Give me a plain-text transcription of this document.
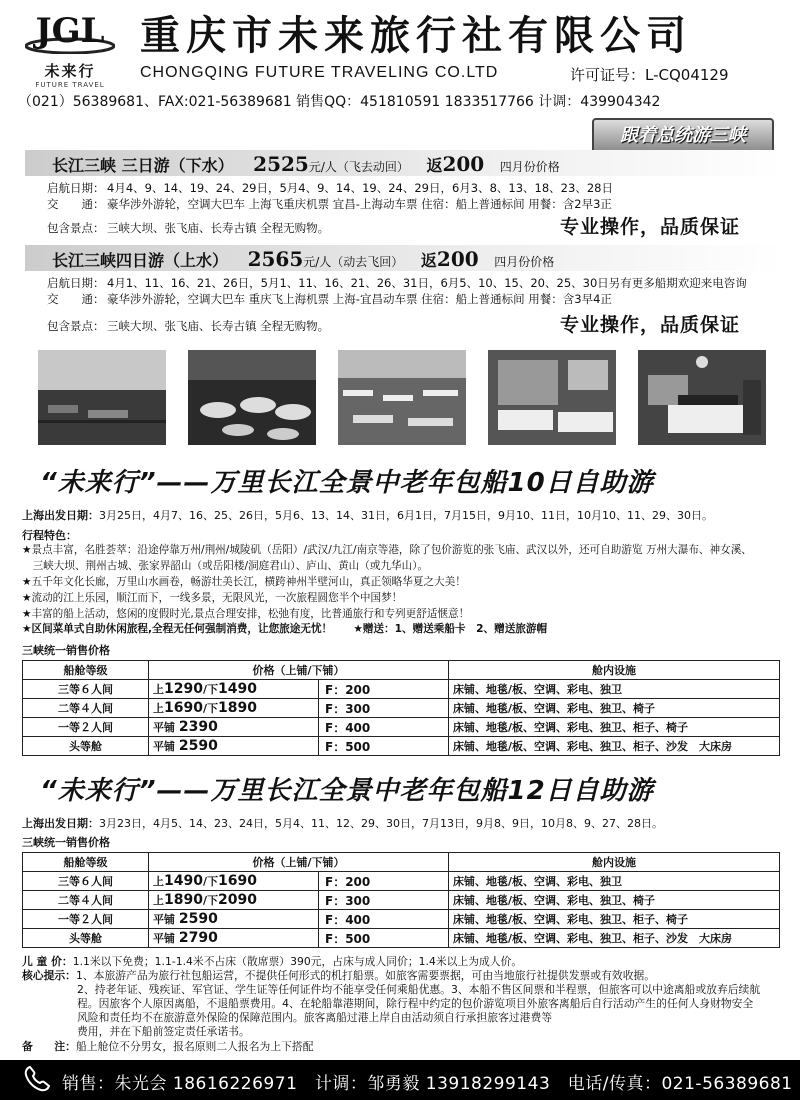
JGL
未来行
FUTURE TRAVEL
重庆市未来旅行社有限公司
CHONGQING FUTURE TRAVELING CO.LTD	许可证号：L-CQ04129
（021）56389681、FAX:021-56389681 销售QQ：451810591 1833517766 计调：439904342
跟着总统游三峡
长江三峡 三日游（下水） 2525元/人（飞去动回） 返200 四月份价格
启航日期： 4月4、9、14、19、24、29日，5月4、9、14、19、24、29日，6月3、8、13、18、23、28日
交　　通： 豪华涉外游轮，空调大巴车 上海飞重庆机票 宜昌-上海动车票 住宿：船上普通标间 用餐：含2早3正
包含景点： 三峡大坝、张飞庙、长寿古镇 全程无购物。	专业操作，品质保证
长江三峡四日游（上水） 2565元/人（动去飞回） 返200 四月份价格
启航日期： 4月1、11、16、21、26日，5月1、11、16、21、26、31日，6月5、10、15、20、25、30日另有更多船期欢迎来电咨询
交　　通： 豪华涉外游轮，空调大巴车 重庆飞上海机票 上海-宜昌动车票 住宿：船上普通标间 用餐：含3早4正
包含景点： 三峡大坝、张飞庙、长寿古镇 全程无购物。	专业操作，品质保证
“未来行”——万里长江全景中老年包船10日自助游
上海出发日期：3月25日，4月7、16、25、26日，5月6、13、14、31日，6月1日，7月15日，9月10、11日，10月10、11、29、30日。
行程特色：
★景点丰富，名胜荟萃：沿途停靠万州/荆州/城陵矶（岳阳）/武汉/九江/南京等港，除了包价游览的张飞庙、武汉以外，还可自助游览 万州大瀑布、神女溪、
　三峡大坝、荆州古城、张家界韶山（或岳阳楼/洞庭君山）、庐山、黄山（或九华山）。
★五千年文化长廊，万里山水画卷，畅游壮美长江，横跨神州半壁河山，真正领略华夏之大美！
★流动的江上乐园，顺江而下，一线多景，无限风光，一次旅程圆您半个中国梦！
★丰富的船上活动，悠闲的度假时光,景点合理安排，松弛有度，比普通旅行和专列更舒适惬意！
★区间菜单式自助休闲旅程,全程无任何强制消费，让您旅途无忧！　　★赠送：1、赠送乘船卡　2、赠送旅游帽
三峡统一销售价格
船舱等级	价格（上铺/下铺）		舱内设施
三等６人间	上1290/下1490	F：200	床铺、地毯/板、空调、彩电、独卫
二等４人间	上1690/下1890	F：300	床铺、地毯/板、空调、彩电、独卫、椅子
一等２人间	平铺 2390	F：400	床铺、地毯/板、空调、彩电、独卫、柜子、椅子
头等舱	平铺 2590	F：500	床铺、地毯/板、空调、彩电、独卫、柜子、沙发　大床房
“未来行”——万里长江全景中老年包船12日自助游
上海出发日期：3月23日，4月5、14、23、24日，5月4、11、12、29、30日，7月13日，9月8、9日，10月8、9、27、28日。
三峡统一销售价格
船舱等级	价格（上铺/下铺）		舱内设施
三等６人间	上1490/下1690	F：200	床铺、地毯/板、空调、彩电、独卫
二等４人间	上1890/下2090	F：300	床铺、地毯/板、空调、彩电、独卫、椅子
一等２人间	平铺 2590	F：400	床铺、地毯/板、空调、彩电、独卫、柜子、椅子
头等舱	平铺 2790	F：500	床铺、地毯/板、空调、彩电、独卫、柜子、沙发　大床房
儿 童 价：1.1米以下免费；1.1-1.4米不占床（散席票）390元，占床与成人同价；1.4米以上为成人价。
核心提示：1、本旅游产品为旅行社包船运营，不提供任何形式的机打船票。如旅客需要票据，可由当地旅行社提供发票或有效收据。
2、持老年证、残疾证、军官证、学生证等任何证件均不能享受任何乘船优惠。3、本船不售区间票和半程票，但旅客可以中途离船或放弃后续航
程。因旅客个人原因离船，不退船票费用。4、在轮船靠港期间，除行程中约定的包价游览项目外旅客离船后自行活动产生的任何人身财物安全
风险和责任均不在旅游意外保险的保障范围内。旅客离船过港上岸自由活动须自行承担旅客过港费等
费用，并在下船前签定责任承诺书。
备　　注：船上舱位不分男女，报名原则二人报名为上下搭配
销售：朱光会 18616226971　计调：邹勇毅 13918299143　电话/传真：021-56389681
